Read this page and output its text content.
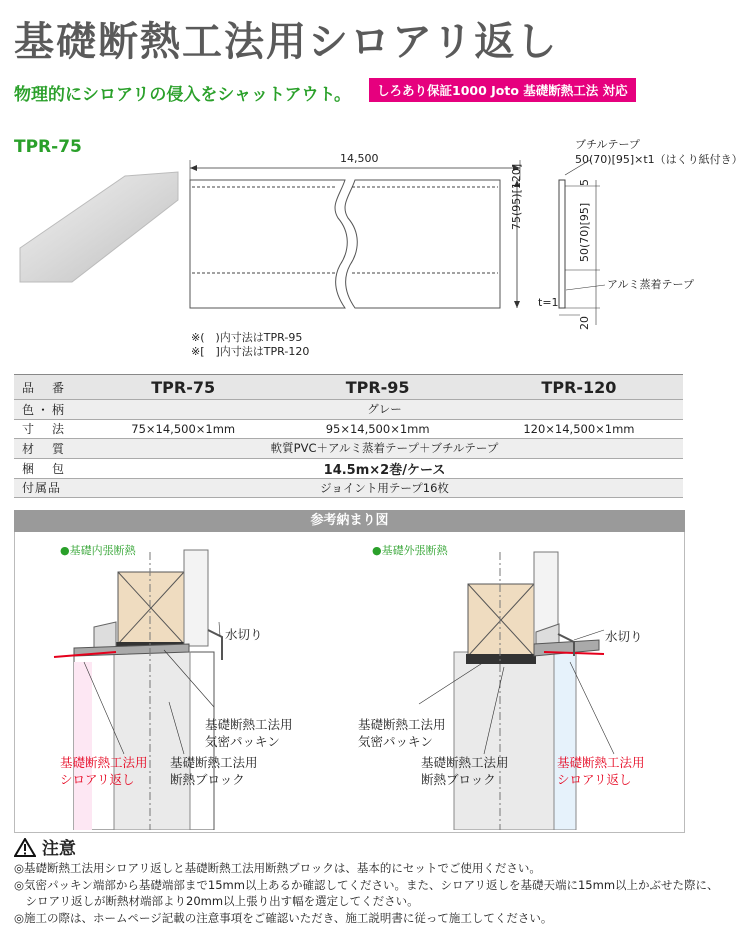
基礎断熱工法用シロアリ返し
物理的にシロアリの侵入をシャットアウト。	しろあり保証1000 Joto 基礎断熱工法 対応
TPR-75
14,500
75(95)[120]
ブチルテープ
50(70)[95]×t1（はくり紙付き）
5
50(70)[95]
20
アルミ蒸着テープ
t=1
※(　)内寸法はTPR-95
※[　]内寸法はTPR-120
品　番	TPR-75	TPR-95	TPR-120
色・柄	グレー		
寸　法	75×14,500×1mm	95×14,500×1mm	120×14,500×1mm
材　質	軟質PVC＋アルミ蒸着テープ＋ブチルテープ		
梱　包	14.5m×2巻/ケース		
付属品	ジョイント用テープ16枚		
参考納まり図
●基礎内張断熱
水切り
基礎断熱工法用
気密パッキン
基礎断熱工法用
シロアリ返し
基礎断熱工法用
断熱ブロック
●基礎外張断熱
水切り
基礎断熱工法用
気密パッキン
基礎断熱工法用
断熱ブロック
基礎断熱工法用
シロアリ返し
注意
◎基礎断熱工法用シロアリ返しと基礎断熱工法用断熱ブロックは、基本的にセットでご使用ください。
◎気密パッキン端部から基礎端部まで15mm以上あるか確認してください。また、シロアリ返しを基礎天端に15mm以上かぶせた際に、
　シロアリ返しが断熱材端部より20mm以上張り出す幅を選定してください。
◎施工の際は、ホームページ記載の注意事項をご確認いただき、施工説明書に従って施工してください。
